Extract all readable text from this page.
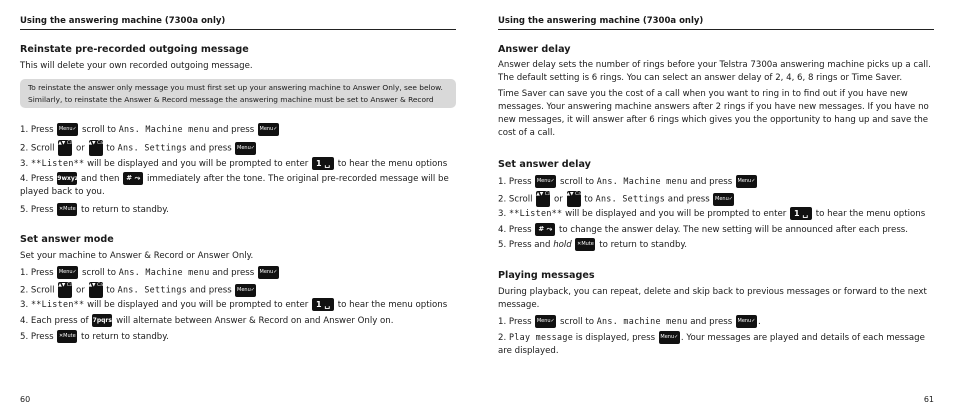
Using the answering machine (7300a only)
Reinstate pre-recorded outgoing message
This will delete your own recorded outgoing message.
To reinstate the answer only message you must first set up your answering machine to Answer Only, see below. Similarly, to reinstate the Answer & Record message the answering machine must be set to Answer & Record
1. Press Menu✓ scroll to Ans. Machine menu and press Menu✓
2. Scroll ▲▼ Calls or ▲▼ Calls to Ans. Settings and press Menu✓
3. **Listen** will be displayed and you will be prompted to enter 1 ␣ to hear the menu options
4. Press 9wxyz and then # ⤳ immediately after the tone. The original pre-recorded message will be played back to you.
5. Press ✕Mute to return to standby.
Set answer mode
Set your machine to Answer & Record or Answer Only.
1. Press Menu✓ scroll to Ans. Machine menu and press Menu✓
2. Scroll ▲▼ Calls or ▲▼ Calls to Ans. Settings and press Menu✓
3. **Listen** will be displayed and you will be prompted to enter 1 ␣ to hear the menu options
4. Each press of 7pqrs will alternate between Answer & Record on and Answer Only on.
5. Press ✕Mute to return to standby.
60
Using the answering machine (7300a only)
Answer delay
Answer delay sets the number of rings before your Telstra 7300a answering machine picks up a call. The default setting is 6 rings. You can select an answer delay of 2, 4, 6, 8 rings or Time Saver.
Time Saver can save you the cost of a call when you want to ring in to find out if you have new messages. Your answering machine answers after 2 rings if you have new messages. If you have no new messages, it will answer after 6 rings which gives you the opportunity to hang up and save the cost of a call.
Set answer delay
1. Press Menu✓ scroll to Ans. Machine menu and press Menu✓
2. Scroll ▲▼ Calls or ▲▼ Calls to Ans. Settings and press Menu✓
3. **Listen** will be displayed and you will be prompted to enter 1 ␣ to hear the menu options
4. Press # ⤳ to change the answer delay. The new setting will be announced after each press.
5. Press and hold ✕Mute to return to standby.
Playing messages
During playback, you can repeat, delete and skip back to previous messages or forward to the next message.
1. Press Menu✓ scroll to Ans. machine menu and press Menu✓ .
2. Play message is displayed, press Menu✓ . Your messages are played and details of each message are displayed.
61
